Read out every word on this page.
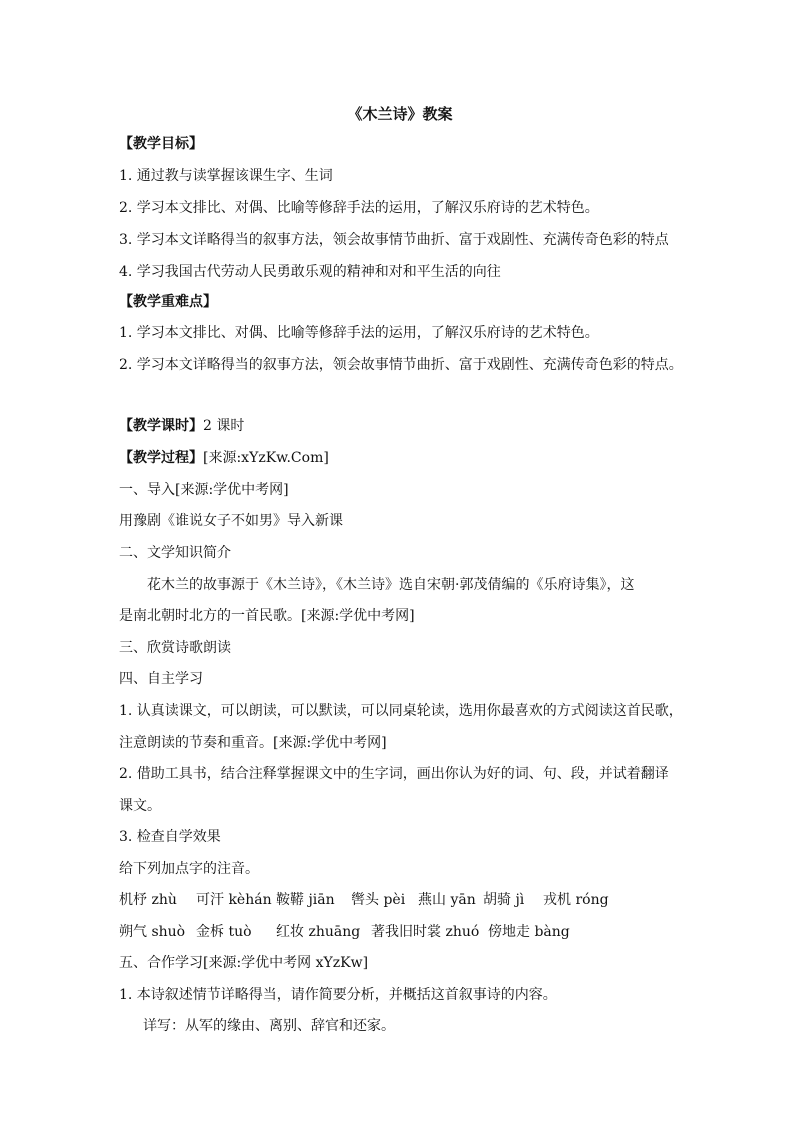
《木兰诗》教案
【教学目标】
1. 通过教与读掌握该课生字、生词
2. 学习本文排比、对偶、比喻等修辞手法的运用，了解汉乐府诗的艺术特色。
3. 学习本文详略得当的叙事方法，领会故事情节曲折、富于戏剧性、充满传奇色彩的特点
4. 学习我国古代劳动人民勇敢乐观的精神和对和平生活的向往
【教学重难点】
1. 学习本文排比、对偶、比喻等修辞手法的运用，了解汉乐府诗的艺术特色。
2. 学习本文详略得当的叙事方法，领会故事情节曲折、富于戏剧性、充满传奇色彩的特点。
【教学课时】2 课时
【教学过程】[来源:xYzKw.Com]
一、导入[来源:学优中考网]
用豫剧《谁说女子不如男》导入新课
二、文学知识简介
花木兰的故事源于《木兰诗》，《木兰诗》选自宋朝·郭茂倩编的《乐府诗集》，这
是南北朝时北方的一首民歌。[来源:学优中考网]
三、欣赏诗歌朗读
四、自主学习
1. 认真读课文，可以朗读，可以默读，可以同桌轮读，选用你最喜欢的方式阅读这首民歌，
注意朗读的节奏和重音。[来源:学优中考网]
2. 借助工具书，结合注释掌握课文中的生字词，画出你认为好的词、句、段，并试着翻译
课文。
3. 检查自学效果
给下列加点字的注音。
机杼 zhù 可汗 kèhán 鞍鞯 jiān 辔头 pèi 燕山 yān 胡骑 jì 戎机 róng
朔气 shuò 金柝 tuò 红妆 zhuāng 著我旧时裳 zhuó 傍地走 bàng
五、合作学习[来源:学优中考网 xYzKw]
1. 本诗叙述情节详略得当，请作简要分析，并概括这首叙事诗的内容。
详写：从军的缘由、离别、辞官和还家。
